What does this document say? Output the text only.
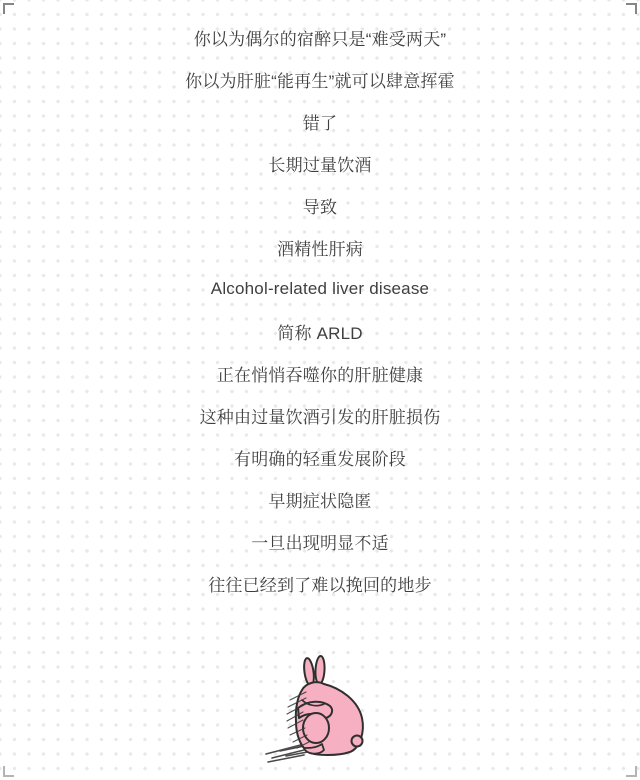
你以为偶尔的宿醉只是“难受两天”
你以为肝脏“能再生”就可以肆意挥霍
错了
长期过量饮酒
导致
酒精性肝病
Alcohol-related liver disease
简称 ARLD
正在悄悄吞噬你的肝脏健康
这种由过量饮酒引发的肝脏损伤
有明确的轻重发展阶段
早期症状隐匿
一旦出现明显不适
往往已经到了难以挽回的地步
